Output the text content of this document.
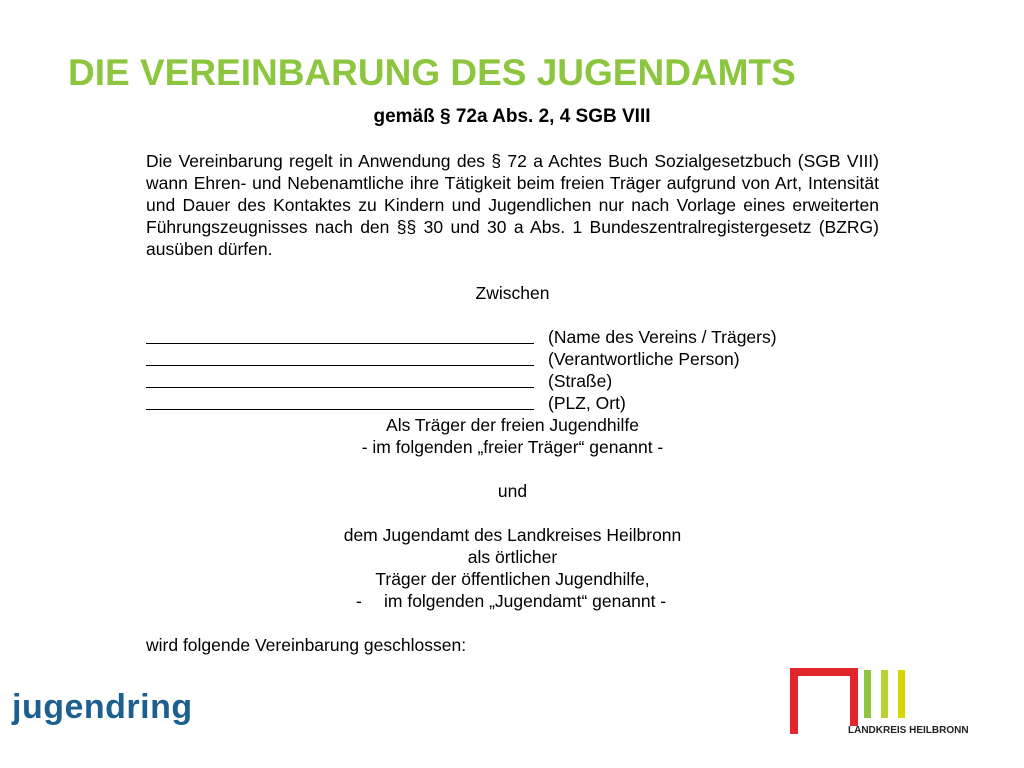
DIE VEREINBARUNG DES JUGENDAMTS
gemäß § 72a Abs. 2, 4 SGB VIII

Die Vereinbarung regelt in Anwendung des § 72 a Achtes Buch Sozialgesetzbuch (SGB VIII) wann Ehren- und Nebenamtliche ihre Tätigkeit beim freien Träger aufgrund von Art, Intensität und Dauer des Kontaktes zu Kindern und Jugendlichen nur nach Vorlage eines erweiterten Führungszeugnisses nach den §§ 30 und 30 a Abs. 1 Bundeszentralregistergesetz (BZRG) ausüben dürfen.

Zwischen
(Name des Vereins / Trägers)
(Verantwortliche Person)
(Straße)
(PLZ, Ort)
Als Träger der freien Jugendhilfe
- im folgenden „freier Träger“ genannt -
und
dem Jugendamt des Landkreises Heilbronn
als örtlicher
Träger der öffentlichen Jugendhilfe,
- im folgenden „Jugendamt“ genannt -
wird folgende Vereinbarung geschlossen:
jugendring
LANDKREIS HEILBRONN
